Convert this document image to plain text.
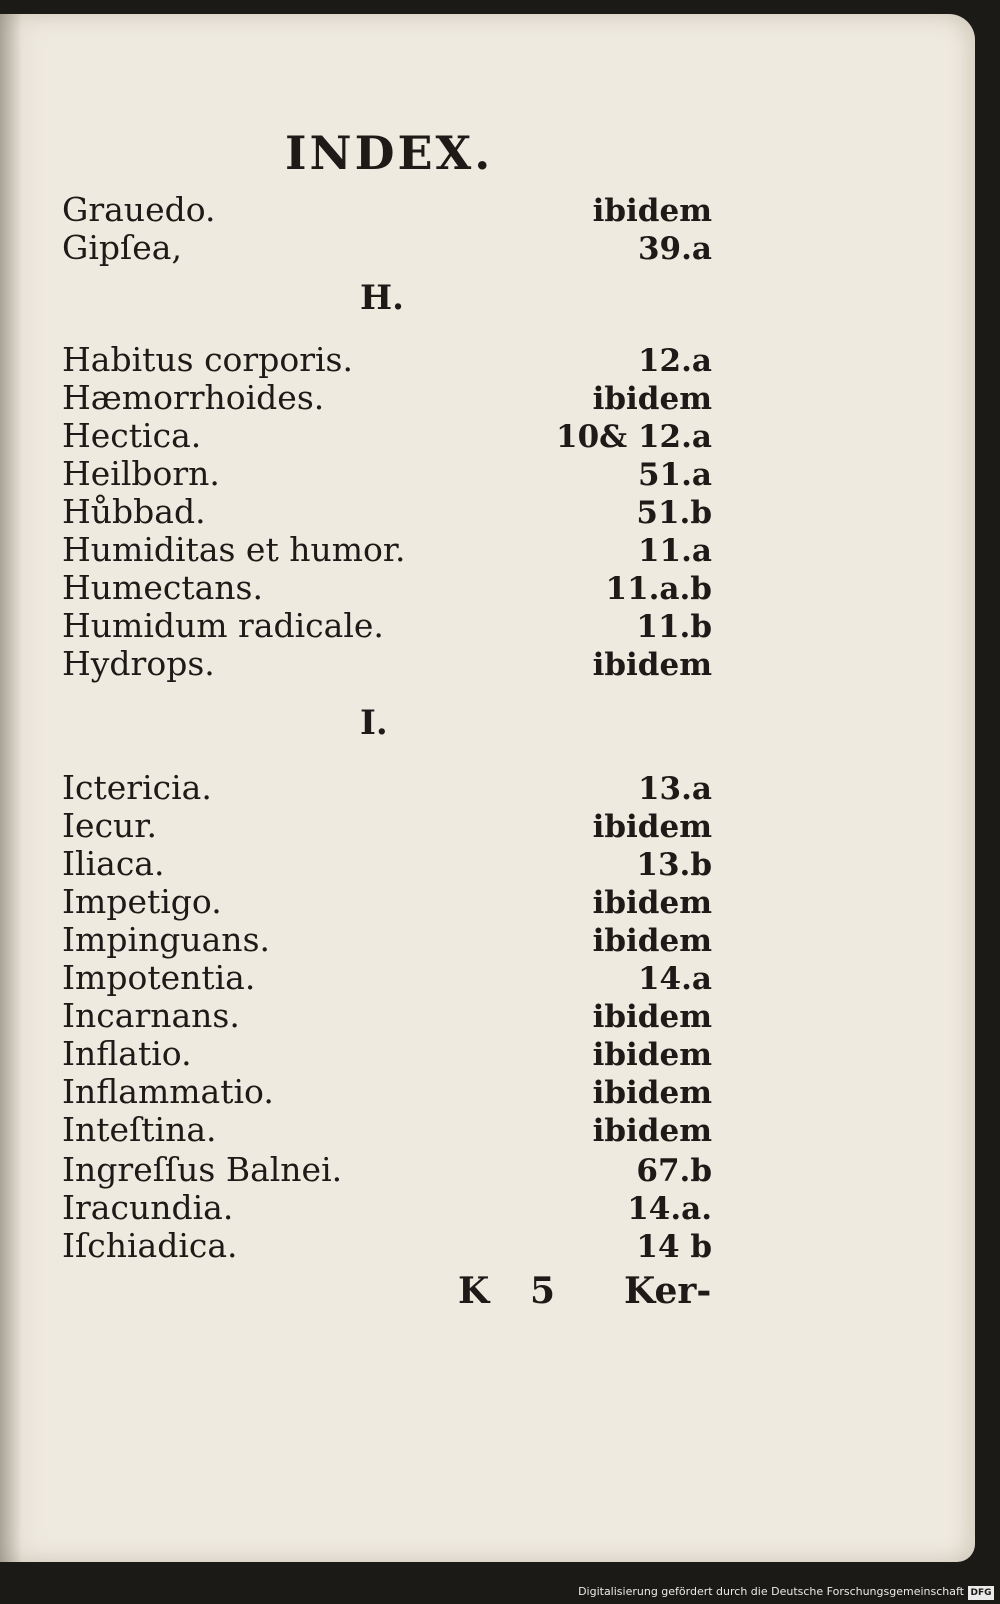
INDEX.
Grauedo.	ibidem
Gipſea,	39.a
H.
Habitus corporis.	12.a
Hæmorrhoides.	ibidem
Hectica.	10& 12.a
Heilborn.	51.a
Hůbbad.	51.b
Humiditas et humor.	11.a
Humectans.	11.a.b
Humidum radicale.	11.b
Hydrops.	ibidem
I.
Ictericia.	13.a
Iecur.	ibidem
Iliaca.	13.b
Impetigo.	ibidem
Impinguans.	ibidem
Impotentia.	14.a
Incarnans.	ibidem
Inflatio.	ibidem
Inflammatio.	ibidem
Inteſtina.	ibidem
Ingreſſus Balnei.	67.b
Iracundia.	14.a.
Iſchiadica.	14 b
K 5 Ker-
Digitalisierung gefördert durch die Deutsche Forschungsgemeinschaft DFG
